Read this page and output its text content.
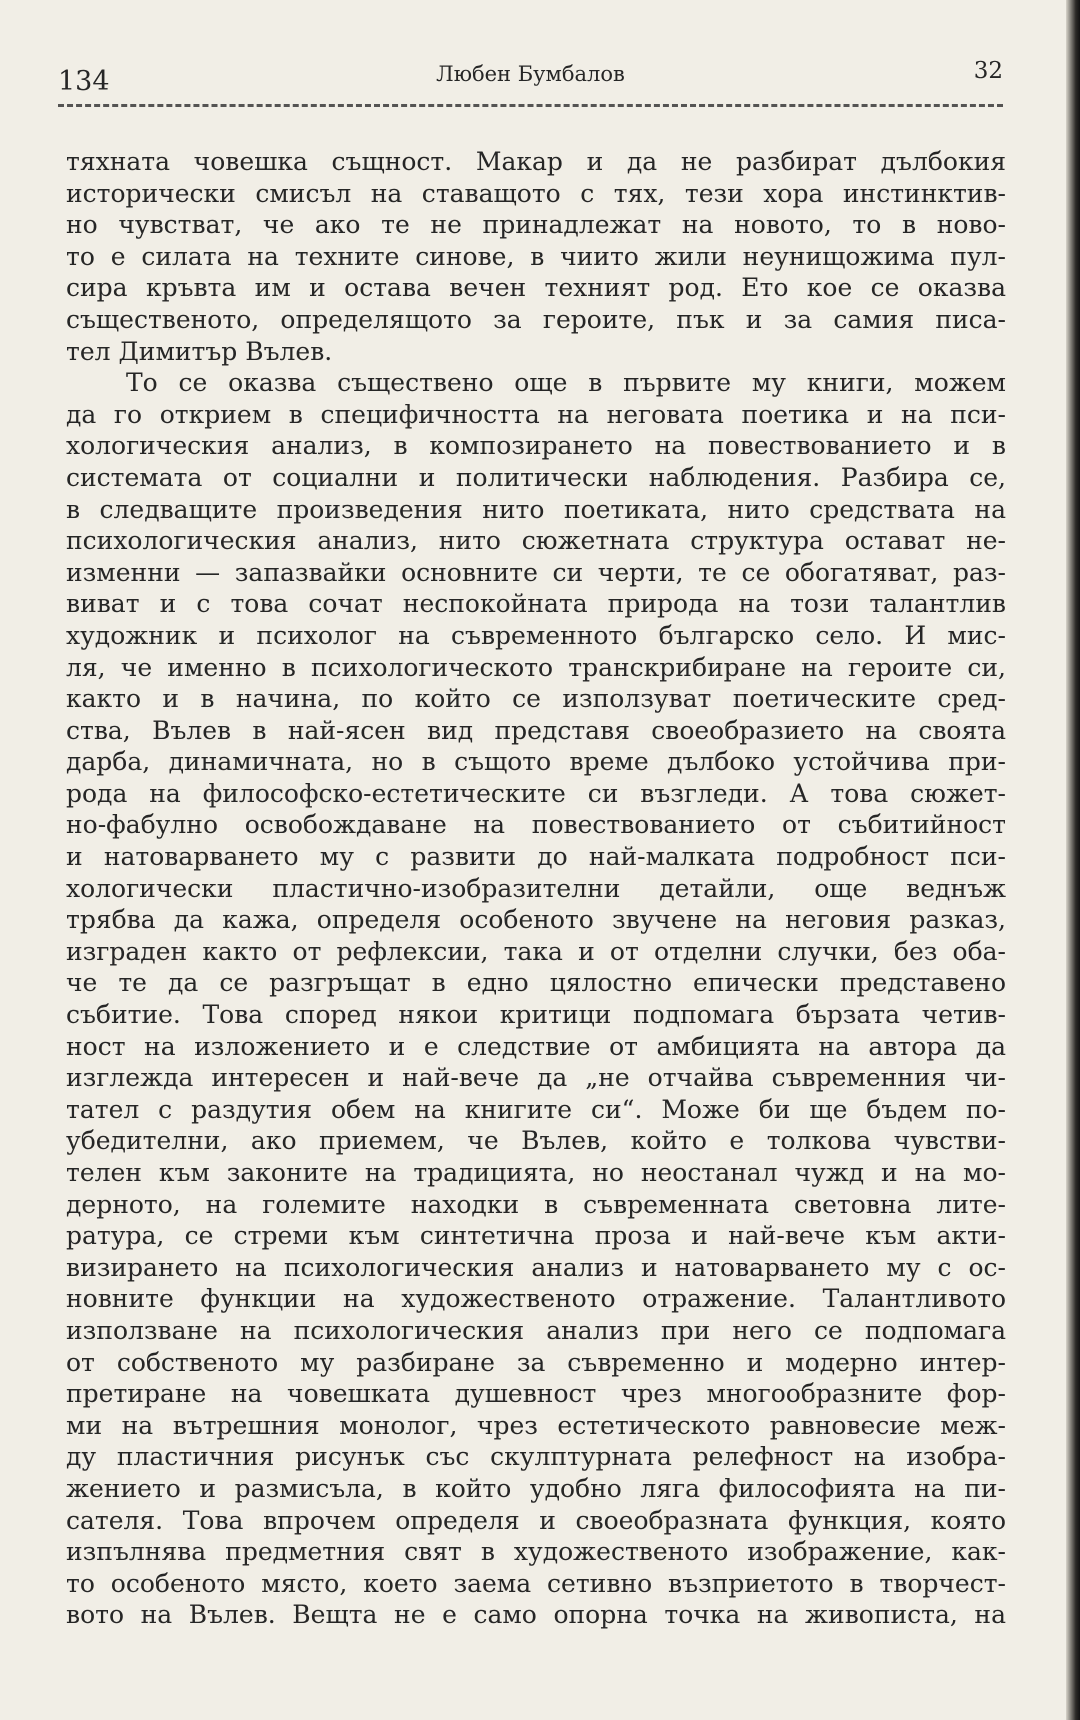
134	Любен Бумбалов	32
тяхната човешка същност. Макар и да не разбират дълбокия
исторически смисъл на ставащото с тях, тези хора инстинктив-
но чувстват, че ако те не принадлежат на новото, то в ново-
то е силата на техните синове, в чиито жили неунищожима пул-
сира кръвта им и остава вечен техният род. Ето кое се оказва
същественото, определящото за героите, пък и за самия писа-
тел Димитър Вълев.
То се оказва съществено още в първите му книги, можем
да го открием в специфичността на неговата поетика и на пси-
хологическия анализ, в композирането на повествованието и в
системата от социални и политически наблюдения. Разбира се,
в следващите произведения нито поетиката, нито средствата на
психологическия анализ, нито сюжетната структура остават не-
изменни — запазвайки основните си черти, те се обогатяват, раз-
виват и с това сочат неспокойната природа на този талантлив
художник и психолог на съвременното българско село. И мис-
ля, че именно в психологическото транскрибиране на героите си,
както и в начина, по който се използуват поетическите сред-
ства, Вълев в най-ясен вид представя своеобразието на своята
дарба, динамичната, но в същото време дълбоко устойчива при-
рода на философско-естетическите си възгледи. А това сюжет-
но-фабулно освобождаване на повествованието от събитийност
и натоварването му с развити до най-малката подробност пси-
хологически пластично-изобразителни детайли, още веднъж
трябва да кажа, определя особеното звучене на неговия разказ,
изграден както от рефлексии, така и от отделни случки, без оба-
че те да се разгръщат в едно цялостно епически представено
събитие. Това според някои критици подпомага бързата четив-
ност на изложението и е следствие от амбицията на автора да
изглежда интересен и най-вече да „не отчайва съвременния чи-
тател с раздутия обем на книгите си“. Може би ще бъдем по-
убедителни, ако приемем, че Вълев, който е толкова чувстви-
телен към законите на традицията, но неостанал чужд и на мо-
дерното, на големите находки в съвременната световна лите-
ратура, се стреми към синтетична проза и най-вече към акти-
визирането на психологическия анализ и натоварването му с ос-
новните функции на художественото отражение. Талантливото
използване на психологическия анализ при него се подпомага
от собственото му разбиране за съвременно и модерно интер-
претиране на човешката душевност чрез многообразните фор-
ми на вътрешния монолог, чрез естетическото равновесие меж-
ду пластичния рисунък със скулптурната релефност на изобра-
жението и размисъла, в който удобно ляга философията на пи-
сателя. Това впрочем определя и своеобразната функция, която
изпълнява предметния свят в художественото изображение, как-
то особеното място, което заема сетивно възприетото в творчест-
вото на Вълев. Вещта не е само опорна точка на живописта, на
